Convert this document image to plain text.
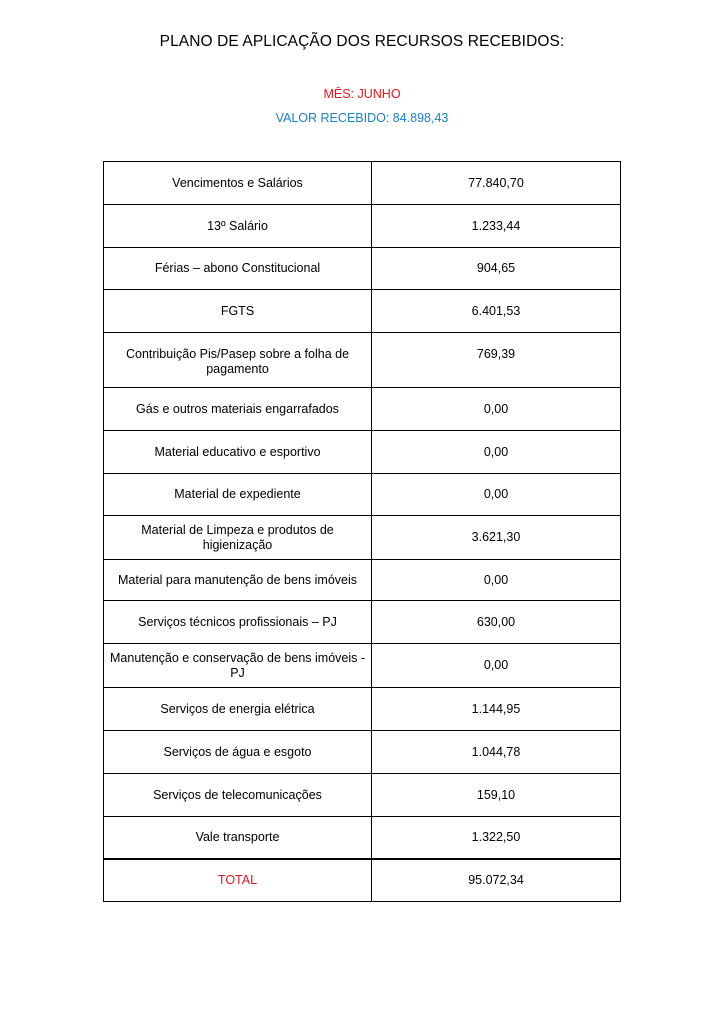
PLANO DE APLICAÇÃO DOS RECURSOS RECEBIDOS:
MÊS: JUNHO
VALOR RECEBIDO: 84.898,43
Vencimentos e Salários	77.840,70
13º Salário	1.233,44
Férias – abono Constitucional	904,65
FGTS	6.401,53
Contribuição Pis/Pasep sobre a folha de pagamento	769,39
Gás e outros materiais engarrafados	0,00
Material educativo e esportivo	0,00
Material de expediente	0,00
Material de Limpeza e produtos de higienização	3.621,30
Material para manutenção de bens imóveis	0,00
Serviços técnicos profissionais – PJ	630,00
Manutenção e conservação de bens imóveis - PJ	0,00
Serviços de energia elétrica	1.144,95
Serviços de água e esgoto	1.044,78
Serviços de telecomunicações	159,10
Vale transporte	1.322,50
TOTAL	95.072,34
